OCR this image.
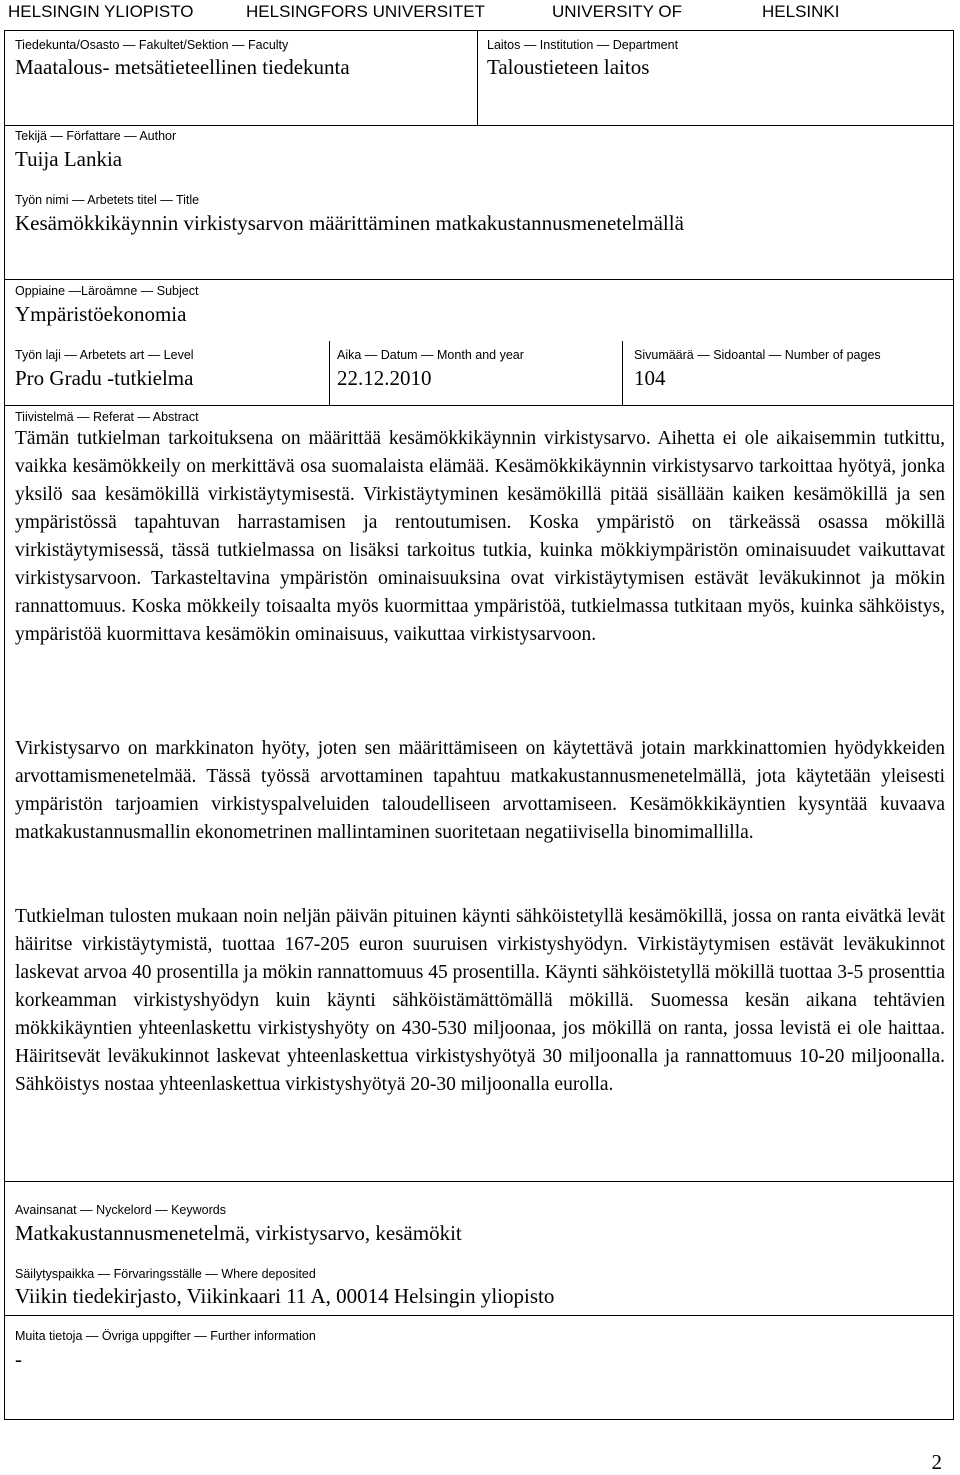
HELSINGIN YLIOPISTO	HELSINGFORS UNIVERSITET	UNIVERSITY OF	HELSINKI
Tiedekunta/Osasto — Fakultet/Sektion — Faculty
Maatalous- metsätieteellinen tiedekunta
Laitos — Institution — Department
Taloustieteen laitos
Tekijä — Författare — Author
Tuija Lankia
Työn nimi — Arbetets titel — Title
Kesämökkikäynnin virkistysarvon määrittäminen matkakustannusmenetelmällä
Oppiaine —Läroämne — Subject
Ympäristöekonomia
Työn laji — Arbetets art — Level
Pro Gradu -tutkielma
Aika — Datum — Month and year
22.12.2010
Sivumäärä — Sidoantal — Number of pages
104
Tiivistelmä — Referat — Abstract
Tämän tutkielman tarkoituksena on määrittää kesämökkikäynnin virkistysarvo. Aihetta ei ole aikaisemmin tutkittu, vaikka kesämökkeily on merkittävä osa suomalaista elämää. Kesämökkikäynnin virkistysarvo tarkoittaa hyötyä, jonka yksilö saa kesämökillä virkistäytymisestä. Virkistäytyminen kesämökillä pitää sisällään kaiken kesämökillä ja sen ympäristössä tapahtuvan harrastamisen ja rentoutumisen. Koska ympäristö on tärkeässä osassa mökillä virkistäytymisessä, tässä tutkielmassa on lisäksi tarkoitus tutkia, kuinka mökkiympäristön ominaisuudet vaikuttavat virkistysarvoon. Tarkasteltavina ympäristön ominaisuuksina ovat virkistäytymisen estävät leväkukinnot ja mökin rannattomuus. Koska mökkeily toisaalta myös kuormittaa ympäristöä, tutkielmassa tutkitaan myös, kuinka sähköistys, ympäristöä kuormittava kesämökin ominaisuus, vaikuttaa virkistysarvoon.
Virkistysarvo on markkinaton hyöty, joten sen määrittämiseen on käytettävä jotain markkinattomien hyödykkeiden arvottamismenetelmää. Tässä työssä arvottaminen tapahtuu matkakustannusmenetelmällä, jota käytetään yleisesti ympäristön tarjoamien virkistyspalveluiden taloudelliseen arvottamiseen. Kesämökkikäyntien kysyntää kuvaava matkakustannusmallin ekonometrinen mallintaminen suoritetaan negatiivisella binomimallilla.
Tutkielman tulosten mukaan noin neljän päivän pituinen käynti sähköistetyllä kesämökillä, jossa on ranta eivätkä levät häiritse virkistäytymistä, tuottaa 167-205 euron suuruisen virkistyshyödyn. Virkistäytymisen estävät leväkukinnot laskevat arvoa 40 prosentilla ja mökin rannattomuus 45 prosentilla. Käynti sähköistetyllä mökillä tuottaa 3-5 prosenttia korkeamman virkistyshyödyn kuin käynti sähköistämättömällä mökillä. Suomessa kesän aikana tehtävien mökkikäyntien yhteenlaskettu virkistyshyöty on 430-530 miljoonaa, jos mökillä on ranta, jossa levistä ei ole haittaa. Häiritsevät leväkukinnot laskevat yhteenlaskettua virkistyshyötyä 30 miljoonalla ja rannattomuus 10-20 miljoonalla. Sähköistys nostaa yhteenlaskettua virkistyshyötyä 20-30 miljoonalla eurolla.
Avainsanat — Nyckelord — Keywords
Matkakustannusmenetelmä, virkistysarvo, kesämökit
Säilytyspaikka — Förvaringsställe — Where deposited
Viikin tiedekirjasto, Viikinkaari 11 A, 00014 Helsingin yliopisto
Muita tietoja — Övriga uppgifter — Further information
-
2
